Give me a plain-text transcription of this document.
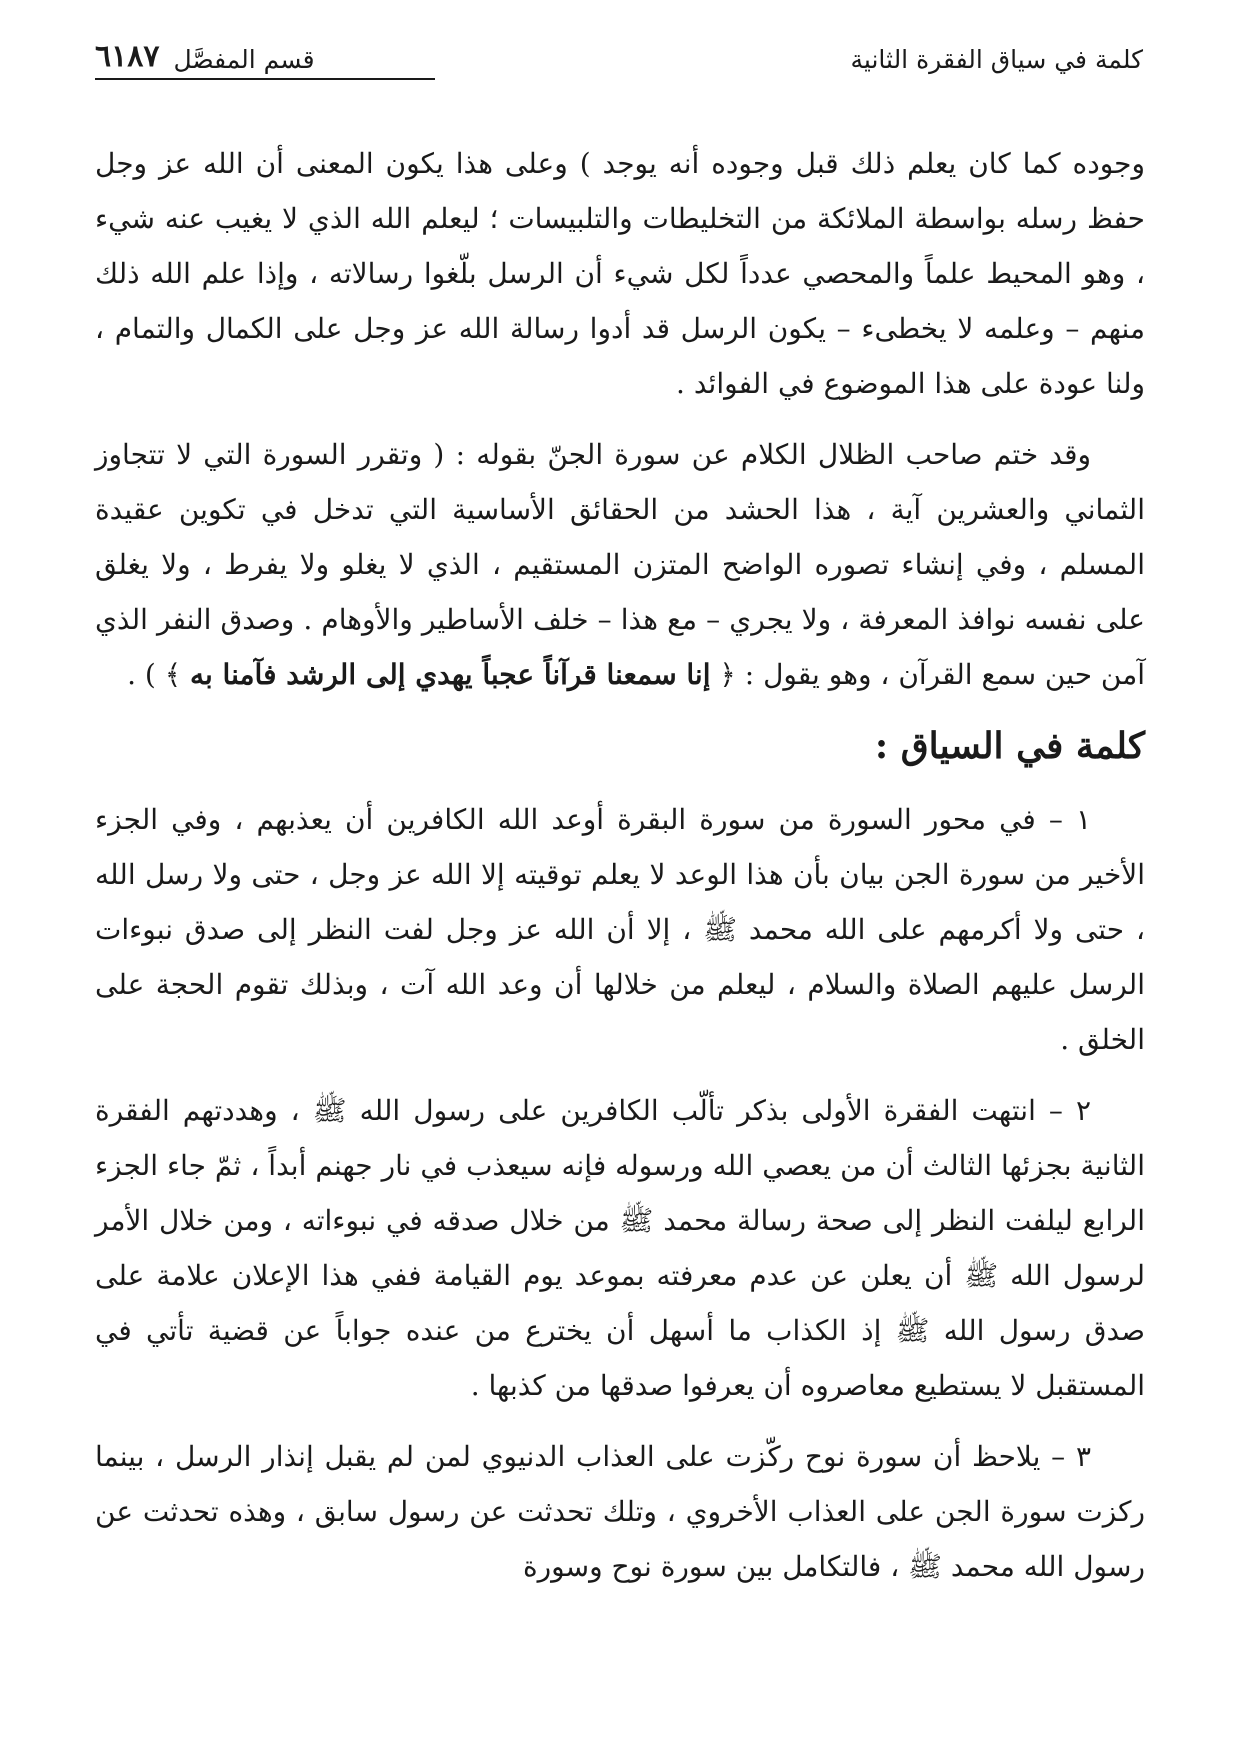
كلمة في سياق الفقرة الثانية
قسم المفصَّل
٦١٨٧

وجوده كما كان يعلم ذلك قبل وجوده أنه يوجد ) وعلى هذا يكون المعنى أن الله عز وجل حفظ رسله بواسطة الملائكة من التخليطات والتلبيسات ؛ ليعلم الله الذي لا يغيب عنه شيء ، وهو المحيط علماً والمحصي عدداً لكل شيء أن الرسل بلّغوا رسالاته ، وإذا علم الله ذلك منهم – وعلمه لا يخطىء – يكون الرسل قد أدوا رسالة الله عز وجل على الكمال والتمام ، ولنا عودة على هذا الموضوع في الفوائد .

وقد ختم صاحب الظلال الكلام عن سورة الجنّ بقوله : ( وتقرر السورة التي لا تتجاوز الثماني والعشرين آية ، هذا الحشد من الحقائق الأساسية التي تدخل في تكوين عقيدة المسلم ، وفي إنشاء تصوره الواضح المتزن المستقيم ، الذي لا يغلو ولا يفرط ، ولا يغلق على نفسه نوافذ المعرفة ، ولا يجري – مع هذا – خلف الأساطير والأوهام . وصدق النفر الذي آمن حين سمع القرآن ، وهو يقول : ﴿ إنا سمعنا قرآناً عجباً يهدي إلى الرشد فآمنا به ﴾ ) .

كلمة في السياق :

١ – في محور السورة من سورة البقرة أوعد الله الكافرين أن يعذبهم ، وفي الجزء الأخير من سورة الجن بيان بأن هذا الوعد لا يعلم توقيته إلا الله عز وجل ، حتى ولا رسل الله ، حتى ولا أكرمهم على الله محمد ﷺ ، إلا أن الله عز وجل لفت النظر إلى صدق نبوءات الرسل عليهم الصلاة والسلام ، ليعلم من خلالها أن وعد الله آت ، وبذلك تقوم الحجة على الخلق .

٢ – انتهت الفقرة الأولى بذكر تألّب الكافرين على رسول الله ﷺ ، وهددتهم الفقرة الثانية بجزئها الثالث أن من يعصي الله ورسوله فإنه سيعذب في نار جهنم أبداً ، ثمّ جاء الجزء الرابع ليلفت النظر إلى صحة رسالة محمد ﷺ من خلال صدقه في نبوءاته ، ومن خلال الأمر لرسول الله ﷺ أن يعلن عن عدم معرفته بموعد يوم القيامة ففي هذا الإعلان علامة على صدق رسول الله ﷺ إذ الكذاب ما أسهل أن يخترع من عنده جواباً عن قضية تأتي في المستقبل لا يستطيع معاصروه أن يعرفوا صدقها من كذبها .

٣ – يلاحظ أن سورة نوح ركّزت على العذاب الدنيوي لمن لم يقبل إنذار الرسل ، بينما ركزت سورة الجن على العذاب الأخروي ، وتلك تحدثت عن رسول سابق ، وهذه تحدثت عن رسول الله محمد ﷺ ، فالتكامل بين سورة نوح وسورة
